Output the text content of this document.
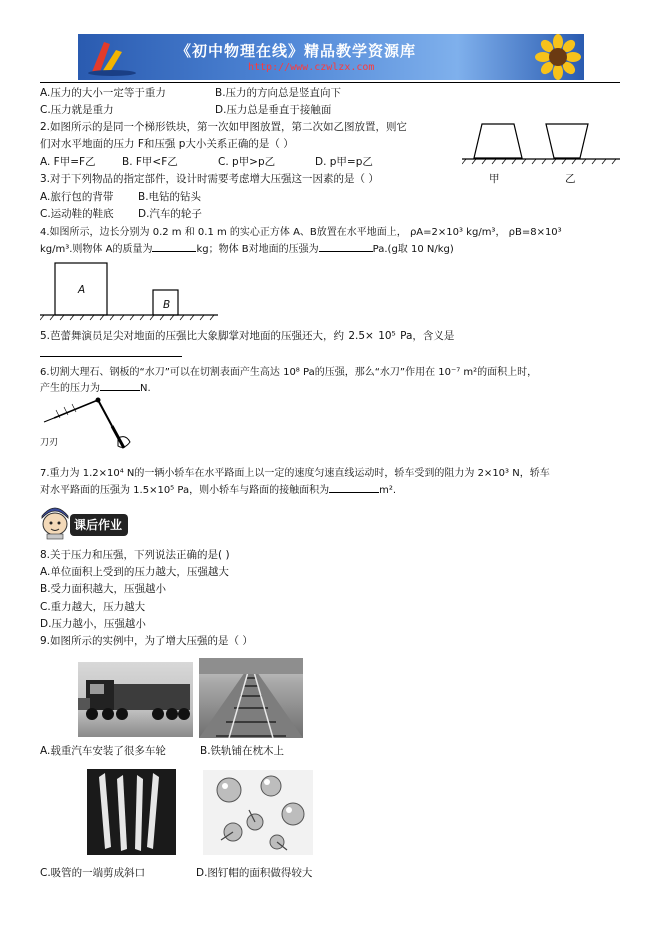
《初中物理在线》精品教学资源库
http://www.czwlzx.com
A.压力的大小一定等于重力	B.压力的方向总是竖直向下
C.压力就是重力	D.压力总是垂直于接触面
2.如图所示的是同一个梯形铁块，第一次如甲图放置，第二次如乙图放置，则它
们对水平地面的压力 F和压强 p大小关系正确的是（ ）
A. F甲=F乙	B. F甲<F乙	C. p甲>p乙	D. p甲=p乙
甲	乙
3.对于下列物品的指定部件，设计时需要考虑增大压强这一因素的是（ ）
A.旅行包的背带 B.电钻的钻头
C.运动鞋的鞋底 D.汽车的轮子
4.如图所示，边长分别为 0.2 m 和 0.1 m 的实心正方体 A、B放置在水平地面上， ρA=2×10³ kg/m³， ρB=8×10³
kg/m³.则物体 A的质量为	kg；物体 B对地面的压强为	Pa.(g取 10 N/kg)
A
B
5.芭蕾舞演员足尖对地面的压强比大象脚掌对地面的压强还大，约 2.5× 10⁵ Pa，含义是
6.切割大理石、钢板的“水刀”可以在切割表面产生高达 10⁸ Pa的压强，那么“水刀”作用在 10⁻⁷ m²的面积上时，
产生的压力为	N.
刀刃
7.重力为 1.2×10⁴ N的一辆小轿车在水平路面上以一定的速度匀速直线运动时，轿车受到的阻力为 2×10³ N，轿车
对水平路面的压强为 1.5×10⁵ Pa，则小轿车与路面的接触面积为	m².
课后作业
8.关于压力和压强，下列说法正确的是( )
A.单位面积上受到的压力越大，压强越大
B.受力面积越大，压强越小
C.重力越大，压力越大
D.压力越小，压强越小
9.如图所示的实例中，为了增大压强的是（ ）
A.载重汽车安装了很多车轮	B.铁轨铺在枕木上
C.吸管的一端剪成斜口	D.图钉帽的面积做得较大
